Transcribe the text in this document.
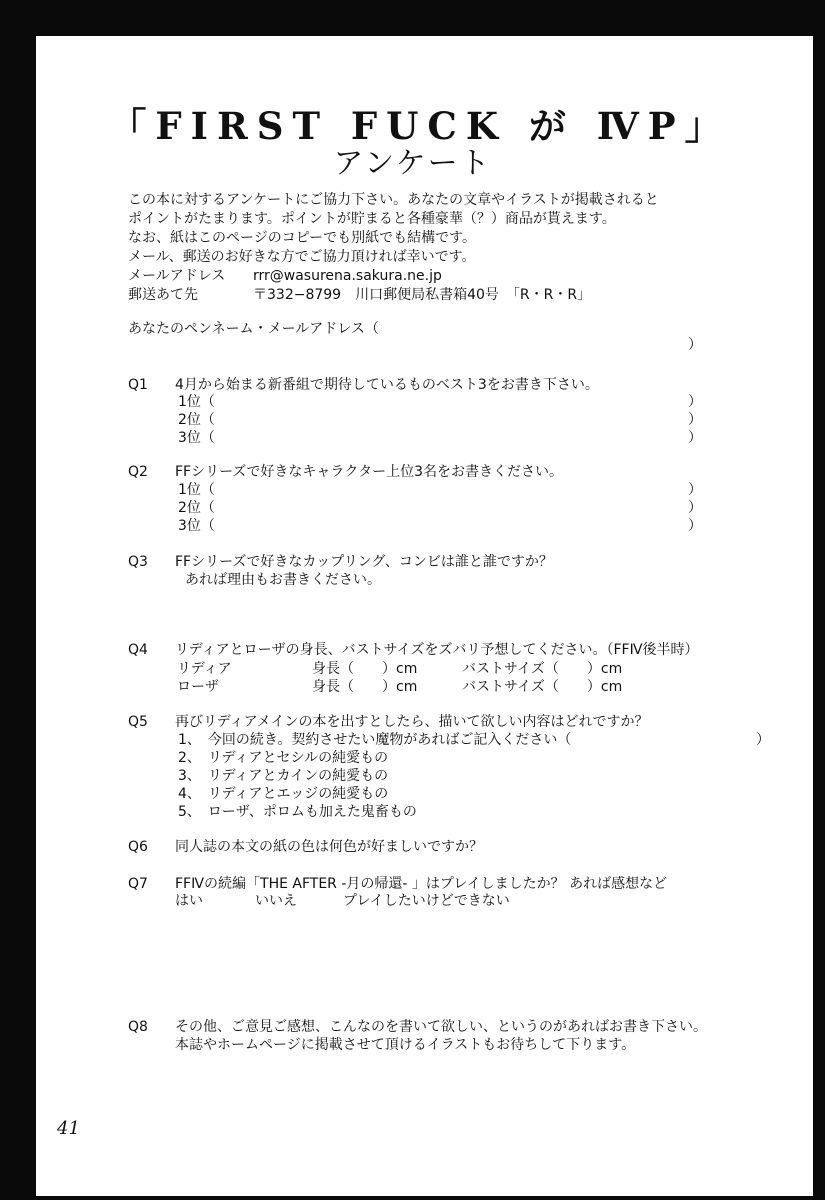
「FIRST FUCK が ⅣP」
アンケート
この本に対するアンケートにご協力下さい。あなたの文章やイラストが掲載されると
ポイントがたまります。ポイントが貯まると各種豪華（？）商品が貰えます。
なお、紙はこのページのコピーでも別紙でも結構です。
メール、郵送のお好きな方でご協力頂ければ幸いです。
メールアドレス rrr@wasurena.sakura.ne.jp
郵送あて先	〒332−8799　川口郵便局私書箱40号　「R・R・R」
あなたのペンネーム・メールアドレス（
）
Q1 4月から始まる新番組で期待しているものベスト3をお書き下さい。
1位（	）
2位（	）
3位（	）
Q2 FFシリーズで好きなキャラクター上位3名をお書きください。
1位（	）
2位（	）
3位（	）
Q3 FFシリーズで好きなカップリング、コンビは誰と誰ですか？
あれば理由もお書きください。
Q4 リディアとローザの身長、バストサイズをズバリ予想してください。（FFⅣ後半時）
リディア	身長（　　）cm	バストサイズ（　　）cm
ローザ	身長（　　）cm	バストサイズ（　　）cm
Q5 再びリディアメインの本を出すとしたら、描いて欲しい内容はどれですか？
1、　今回の続き。契約させたい魔物があればご記入ください（	）
2、　リディアとセシルの純愛もの
3、　リディアとカインの純愛もの
4、　リディアとエッジの純愛もの
5、　ローザ、ポロムも加えた鬼畜もの
Q6 同人誌の本文の紙の色は何色が好ましいですか？
Q7 FFⅣの続編「THE AFTER -月の帰還- 」はプレイしましたか？ あれば感想など
はい	いいえ	プレイしたいけどできない
Q8 その他、ご意見ご感想、こんなのを書いて欲しい、というのがあればお書き下さい。
本誌やホームページに掲載させて頂けるイラストもお待ちして下ります。
41
